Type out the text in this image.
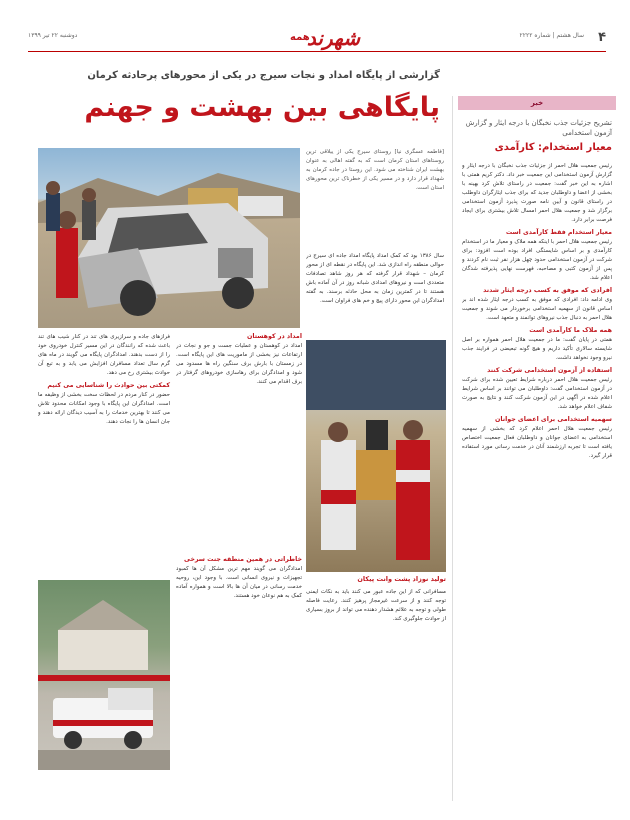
۴
سال هشتم | شماره ۲۲۲۲
شهرند
همه
دوشنبه ۲۲ تیر ۱۳۹۹
خبر
تشریح جزئیات جذب نخبگان با درجه ایثار و گزارش آزمون استخدامی
معیار استخدام: کارآمدی
رئیس جمعیت هلال احمر از جزئیات جذب نخبگان با درجه ایثار و گزارش آزمون استخدامی این جمعیت خبر داد. دکتر کریم همتی با اشاره به این خبر گفت: جمعیت در راستای تلاش کرد بهینه با بخشی از اعضا و داوطلبان جدید که برای جذب ایثارگران داوطلب در راستای قانون و آیین نامه صورت پذیرد آزمون استخدامی برگزار شد و جمعیت هلال احمر امسال تلاش بیشتری برای ایجاد فرصت برابر دارد.
معیار استخدام فقط کارآمدی است
رئیس جمعیت هلال احمر با اینکه همه ملاک و معیار ما در استخدام کارآمدی و بر اساس شایستگی افراد بوده است افزود: برای شرکت در آزمون استخدامی حدود چهل هزار نفر ثبت نام کردند و پس از آزمون کتبی و مصاحبه، فهرست نهایی پذیرفته شدگان اعلام شد.
افرادی که موفق به کسب درجه ایثار شدند
وی ادامه داد: افرادی که موفق به کسب درجه ایثار شده اند بر اساس قانون از سهمیه استخدامی برخوردار می شوند و جمعیت هلال احمر به دنبال جذب نیروهای توانمند و متعهد است.
همه ملاک ما کارآمدی است
همتی در پایان گفت: ما در جمعیت هلال احمر همواره بر اصل شایسته سالاری تأکید داریم و هیچ گونه تبعیضی در فرایند جذب نیرو وجود نخواهد داشت.
استفاده از آزمون استخدامی شرکت کنند
رئیس جمعیت هلال احمر درباره شرایط تعیین شده برای شرکت در آزمون استخدامی گفت: داوطلبان می توانند بر اساس شرایط اعلام شده در آگهی در این آزمون شرکت کنند و نتایج به صورت شفاف اعلام خواهد شد.
سهمیه استخدامی برای اعضای جوانان
رئیس جمعیت هلال احمر اعلام کرد که بخشی از سهمیه استخدامی به اعضای جوانان و داوطلبان فعال جمعیت اختصاص یافته است تا تجربه ارزشمند آنان در خدمت رسانی مورد استفاده قرار گیرد.
گزارشی از پایگاه امداد و نجات سیرج در یکی از محورهای پرحادثه کرمان
پایگاهی بین بهشت و جهنم
[فاطمه عسگری نیا] روستای سیرج یکی از ییلاقی ترین روستاهای استان کرمان است که به گفته اهالی به عنوان بهشت ایران شناخته می شود. این روستا در جاده کرمان به شهداد قرار دارد و در مسیر یکی از خطرناک ترین محورهای استان است.
سال ۱۳۸۶ بود که کمک امداد پایگاه امداد جاده ای سیرج در حوالی منطقه راه اندازی شد. این پایگاه در نقطه ای از محور کرمان – شهداد قرار گرفته که هر روز شاهد تصادفات متعددی است و نیروهای امدادی شبانه روز در آن آماده باش هستند تا در کمترین زمان به محل حادثه برسند. به گفته امدادگران این محور دارای پیچ و خم های فراوان است.
فرازهای جاده و سرازیری های تند در کنار شیب های تند باعث شده که رانندگان در این مسیر کنترل خودروی خود را از دست بدهند. امدادگران پایگاه می گویند در ماه های گرم سال تعداد مسافران افزایش می یابد و به تبع آن حوادث بیشتری رخ می دهد.
کمکتی بین حوادث را شناسایی می کنیم
حضور در کنار مردم در لحظات سخت بخشی از وظیفه ما است. امدادگران این پایگاه با وجود امکانات محدود تلاش می کنند تا بهترین خدمات را به آسیب دیدگان ارائه دهند و جان انسان ها را نجات دهند.
امداد در کوهستان
امداد در کوهستان و عملیات جست و جو و نجات در ارتفاعات نیز بخشی از ماموریت های این پایگاه است. در زمستان با بارش برف سنگین راه ها مسدود می شود و امدادگران برای رهاسازی خودروهای گرفتار در برف اقدام می کنند.
تولید نوزاد پشت وانت پیکان
خاطراتی در همین منطقه جنت سرخی
امدادگران می گویند مهم ترین مشکل آن ها کمبود تجهیزات و نیروی انسانی است. با وجود این، روحیه خدمت رسانی در میان آن ها بالا است و همواره آماده کمک به هم نوعان خود هستند.
مسافرانی که از این جاده عبور می کنند باید به نکات ایمنی توجه کنند و از سرعت غیرمجاز پرهیز کنند. رعایت فاصله طولی و توجه به علائم هشدار دهنده می تواند از بروز بسیاری از حوادث جلوگیری کند.
